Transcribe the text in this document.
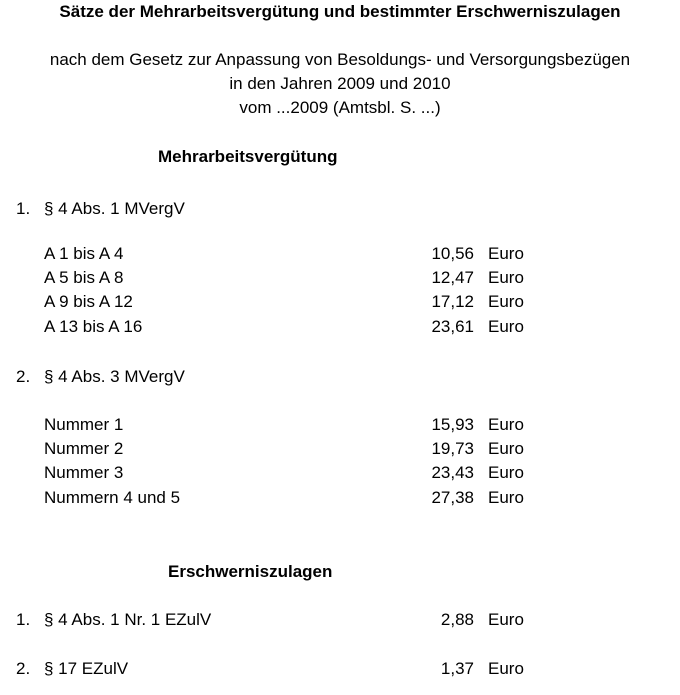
Sätze der Mehrarbeitsvergütung und bestimmter Erschwerniszulagen
nach dem Gesetz zur Anpassung von Besoldungs- und Versorgungsbezügen
in den Jahren 2009 und 2010
vom ...2009 (Amtsbl. S. ...)
Mehrarbeitsvergütung
1. § 4 Abs. 1 MVergV
A 1 bis A 4	10,56 Euro
A 5 bis A 8	12,47 Euro
A 9 bis A 12	17,12 Euro
A 13 bis A 16	23,61 Euro
2. § 4 Abs. 3 MVergV
Nummer 1	15,93 Euro
Nummer 2	19,73 Euro
Nummer 3	23,43 Euro
Nummern 4 und 5	27,38 Euro
Erschwerniszulagen
1. § 4 Abs. 1 Nr. 1 EZulV	2,88 Euro
2. § 17 EZulV	1,37 Euro
